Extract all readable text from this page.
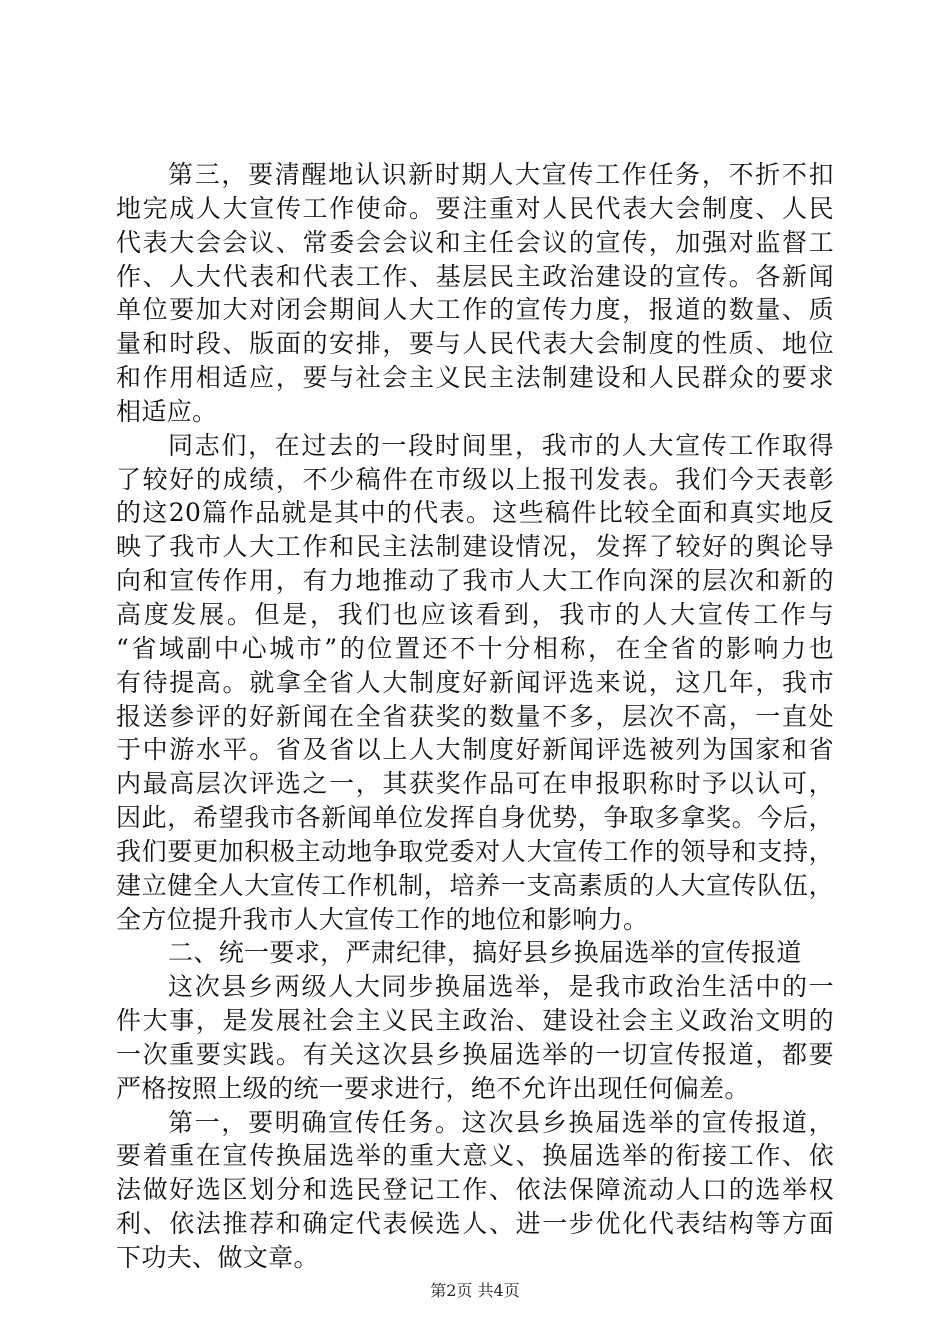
第三，要清醒地认识新时期人大宣传工作任务，不折不扣
地完成人大宣传工作使命。要注重对人民代表大会制度、人民
代表大会会议、常委会会议和主任会议的宣传，加强对监督工
作、人大代表和代表工作、基层民主政治建设的宣传。各新闻
单位要加大对闭会期间人大工作的宣传力度，报道的数量、质
量和时段、版面的安排，要与人民代表大会制度的性质、地位
和作用相适应，要与社会主义民主法制建设和人民群众的要求
相适应。
同志们，在过去的一段时间里，我市的人大宣传工作取得
了较好的成绩，不少稿件在市级以上报刊发表。我们今天表彰
的这20篇作品就是其中的代表。这些稿件比较全面和真实地反
映了我市人大工作和民主法制建设情况，发挥了较好的舆论导
向和宣传作用，有力地推动了我市人大工作向深的层次和新的
高度发展。但是，我们也应该看到，我市的人大宣传工作与
“省域副中心城市”的位置还不十分相称，在全省的影响力也
有待提高。就拿全省人大制度好新闻评选来说，这几年，我市
报送参评的好新闻在全省获奖的数量不多，层次不高，一直处
于中游水平。省及省以上人大制度好新闻评选被列为国家和省
内最高层次评选之一，其获奖作品可在申报职称时予以认可，
因此，希望我市各新闻单位发挥自身优势，争取多拿奖。今后，
我们要更加积极主动地争取党委对人大宣传工作的领导和支持，
建立健全人大宣传工作机制，培养一支高素质的人大宣传队伍，
全方位提升我市人大宣传工作的地位和影响力。
二、统一要求，严肃纪律，搞好县乡换届选举的宣传报道
这次县乡两级人大同步换届选举，是我市政治生活中的一
件大事，是发展社会主义民主政治、建设社会主义政治文明的
一次重要实践。有关这次县乡换届选举的一切宣传报道，都要
严格按照上级的统一要求进行，绝不允许出现任何偏差。
第一，要明确宣传任务。这次县乡换届选举的宣传报道，
要着重在宣传换届选举的重大意义、换届选举的衔接工作、依
法做好选区划分和选民登记工作、依法保障流动人口的选举权
利、依法推荐和确定代表候选人、进一步优化代表结构等方面
下功夫、做文章。
第2页 共4页
